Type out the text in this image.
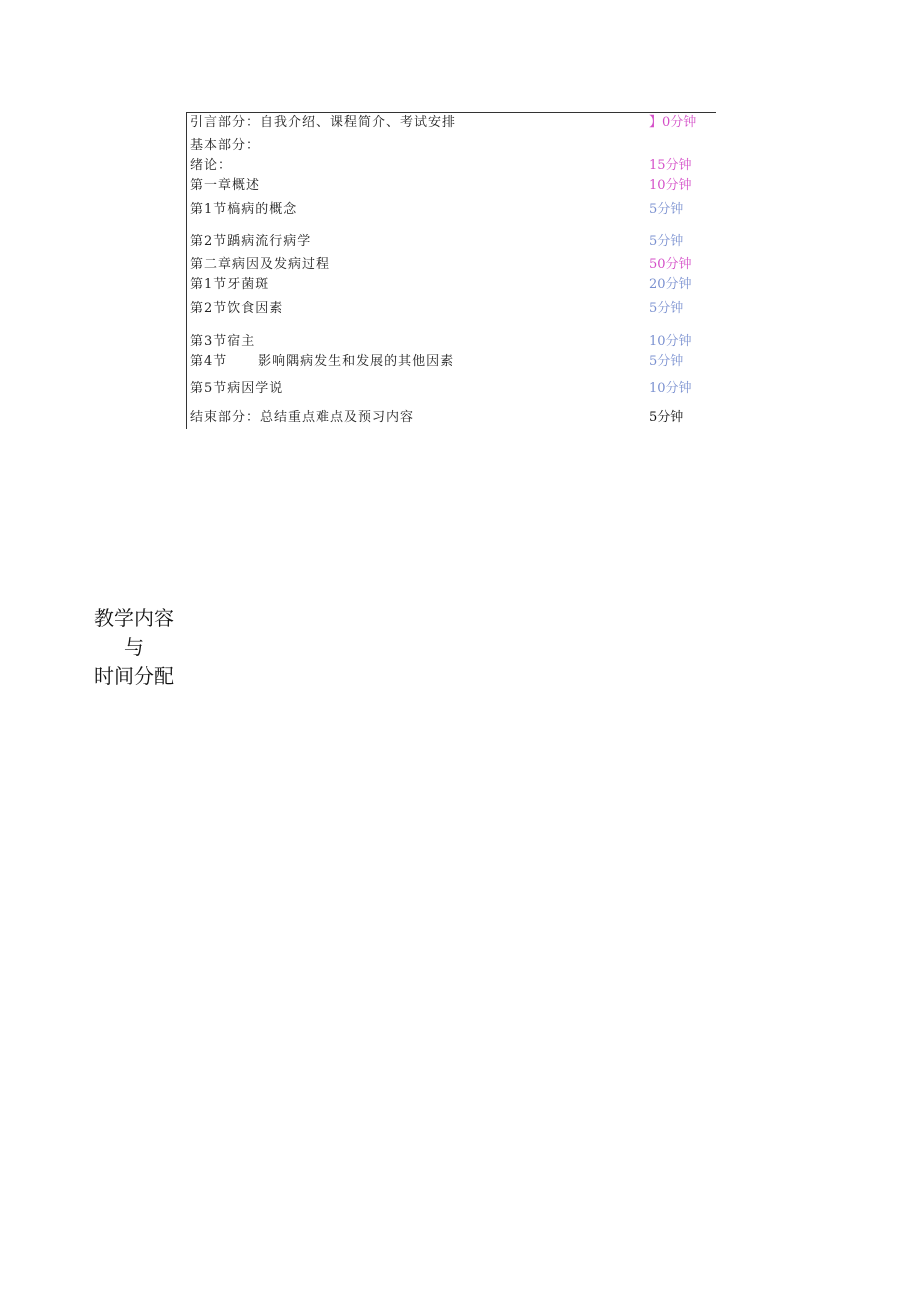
引言部分：自我介绍、课程简介、考试安排	】0分钟
基本部分：
绪论：	15分钟
第一章概述	10分钟
第1节槁病的概念	5分钟
第2节踽病流行病学	5分钟
第二章病因及发病过程	50分钟
第1节牙菌斑	20分钟
第2节饮食因素	5分钟
第3节宿主	10分钟
第4节      影响隅病发生和发展的其他因素	5分钟
第5节病因学说	10分钟
结束部分：总结重点难点及预习内容	5分钟
教学内容
与
时间分配
